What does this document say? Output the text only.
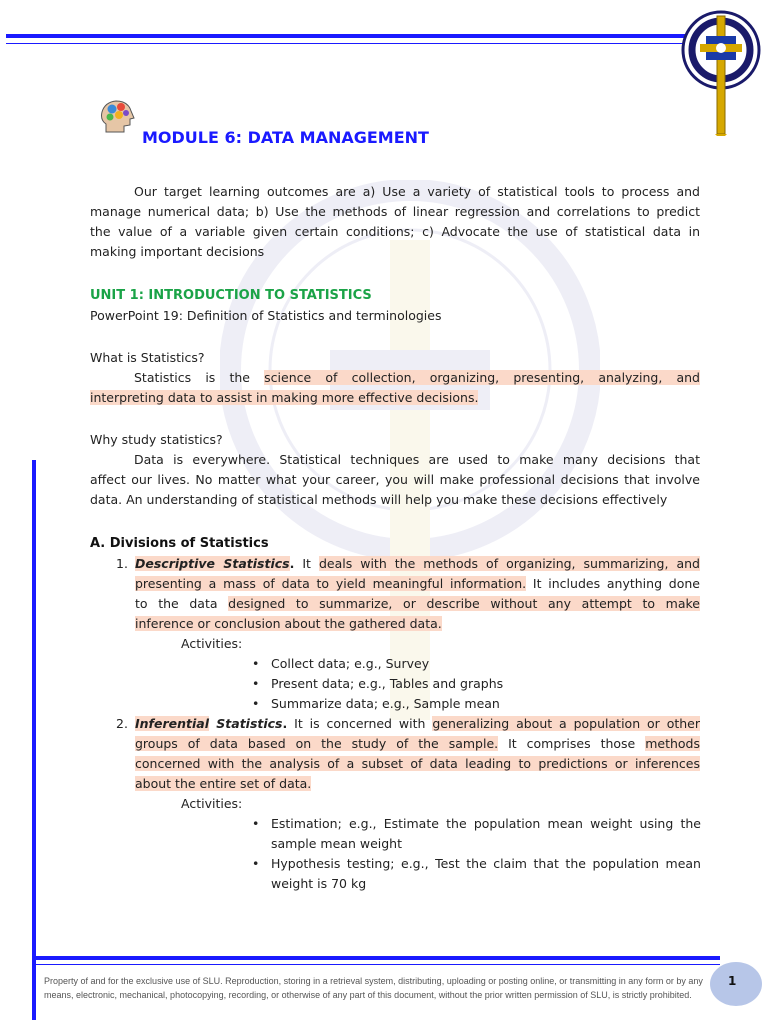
MODULE 6: DATA MANAGEMENT
Our target learning outcomes are a) Use a variety of statistical tools to process and
manage numerical data; b) Use the methods of linear regression and correlations to predict
the value of a variable given certain conditions; c) Advocate the use of statistical data in
making important decisions
UNIT 1: INTRODUCTION TO STATISTICS
PowerPoint 19: Definition of Statistics and terminologies
What is Statistics?
Statistics is the science of collection, organizing, presenting, analyzing, and
interpreting data to assist in making more effective decisions.
Why study statistics?
Data is everywhere. Statistical techniques are used to make many decisions that
affect our lives. No matter what your career, you will make professional decisions that involve
data. An understanding of statistical methods will help you make these decisions effectively
A. Divisions of Statistics
1. Descriptive Statistics. It deals with the methods of organizing, summarizing, and
presenting a mass of data to yield meaningful information. It includes anything done
to the data designed to summarize, or describe without any attempt to make
inference or conclusion about the gathered data.
Activities:
• Collect data; e.g., Survey
• Present data; e.g., Tables and graphs
• Summarize data; e.g., Sample mean
2. Inferential Statistics. It is concerned with generalizing about a population or other
groups of data based on the study of the sample. It comprises those methods
concerned with the analysis of a subset of data leading to predictions or inferences
about the entire set of data.
Activities:
• Estimation; e.g., Estimate the population mean weight using the sample mean weight
• Hypothesis testing; e.g., Test the claim that the population mean weight is 70 kg
Property of and for the exclusive use of SLU. Reproduction, storing in a retrieval system, distributing, uploading or posting online, or transmitting in any form or by any means, electronic, mechanical, photocopying, recording, or otherwise of any part of this document, without the prior written permission of SLU, is strictly prohibited.
1
